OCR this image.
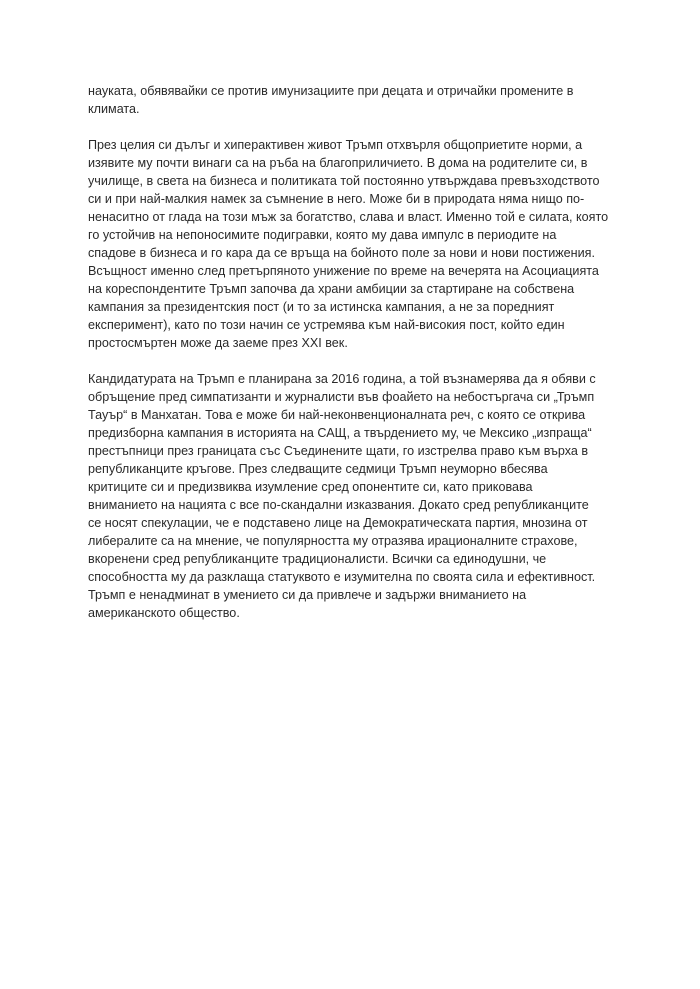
науката, обявявайки се против имунизациите при децата и отричайки промените в
климата.

През целия си дълъг и хиперактивен живот Тръмп отхвърля общоприетите норми, а
изявите му почти винаги са на ръба на благоприличието. В дома на родителите си, в
училище, в света на бизнеса и политиката той постоянно утвърждава превъзходството
си и при най-малкия намек за съмнение в него. Може би в природата няма нищо по-
ненаситно от глада на този мъж за богатство, слава и власт. Именно той е силата, която
го устойчив на непоносимите подигравки, която му дава импулс в периодите на
спадове в бизнеса и го кара да се връща на бойното поле за нови и нови постижения.
Всъщност именно след претърпяното унижение по време на вечерята на Асоциацията
на кореспондентите Тръмп започва да храни амбиции за стартиране на собствена
кампания за президентския пост (и то за истинска кампания, а не за поредният
експеримент), като по този начин се устремява към най-високия пост, който един
простосмъртен може да заеме през XXI век.

Кандидатурата на Тръмп е планирана за 2016 година, а той възнамерява да я обяви с
обръщение пред симпатизанти и журналисти във фоайето на небостъргача си „Тръмп
Тауър“ в Манхатан. Това е може би най-неконвенционалната реч, с която се открива
предизборна кампания в историята на САЩ, а твърдението му, че Мексико „изпраща“
престъпници през границата със Съединените щати, го изстрелва право към върха в
републиканците кръгове. През следващите седмици Тръмп неуморно вбесява
критиците си и предизвиква изумление сред опонентите си, като приковава
вниманието на нацията с все по-скандални изказвания. Докато сред републиканците
се носят спекулации, че е подставено лице на Демократическата партия, мнозина от
либералите са на мнение, че популярността му отразява ирационалните страхове,
вкоренени сред републиканците традиционалисти. Всички са единодушни, че
способността му да разклаща статуквото е изумителна по своята сила и ефективност.
Тръмп е ненадминат в умението си да привлече и задържи вниманието на
американското общество.
